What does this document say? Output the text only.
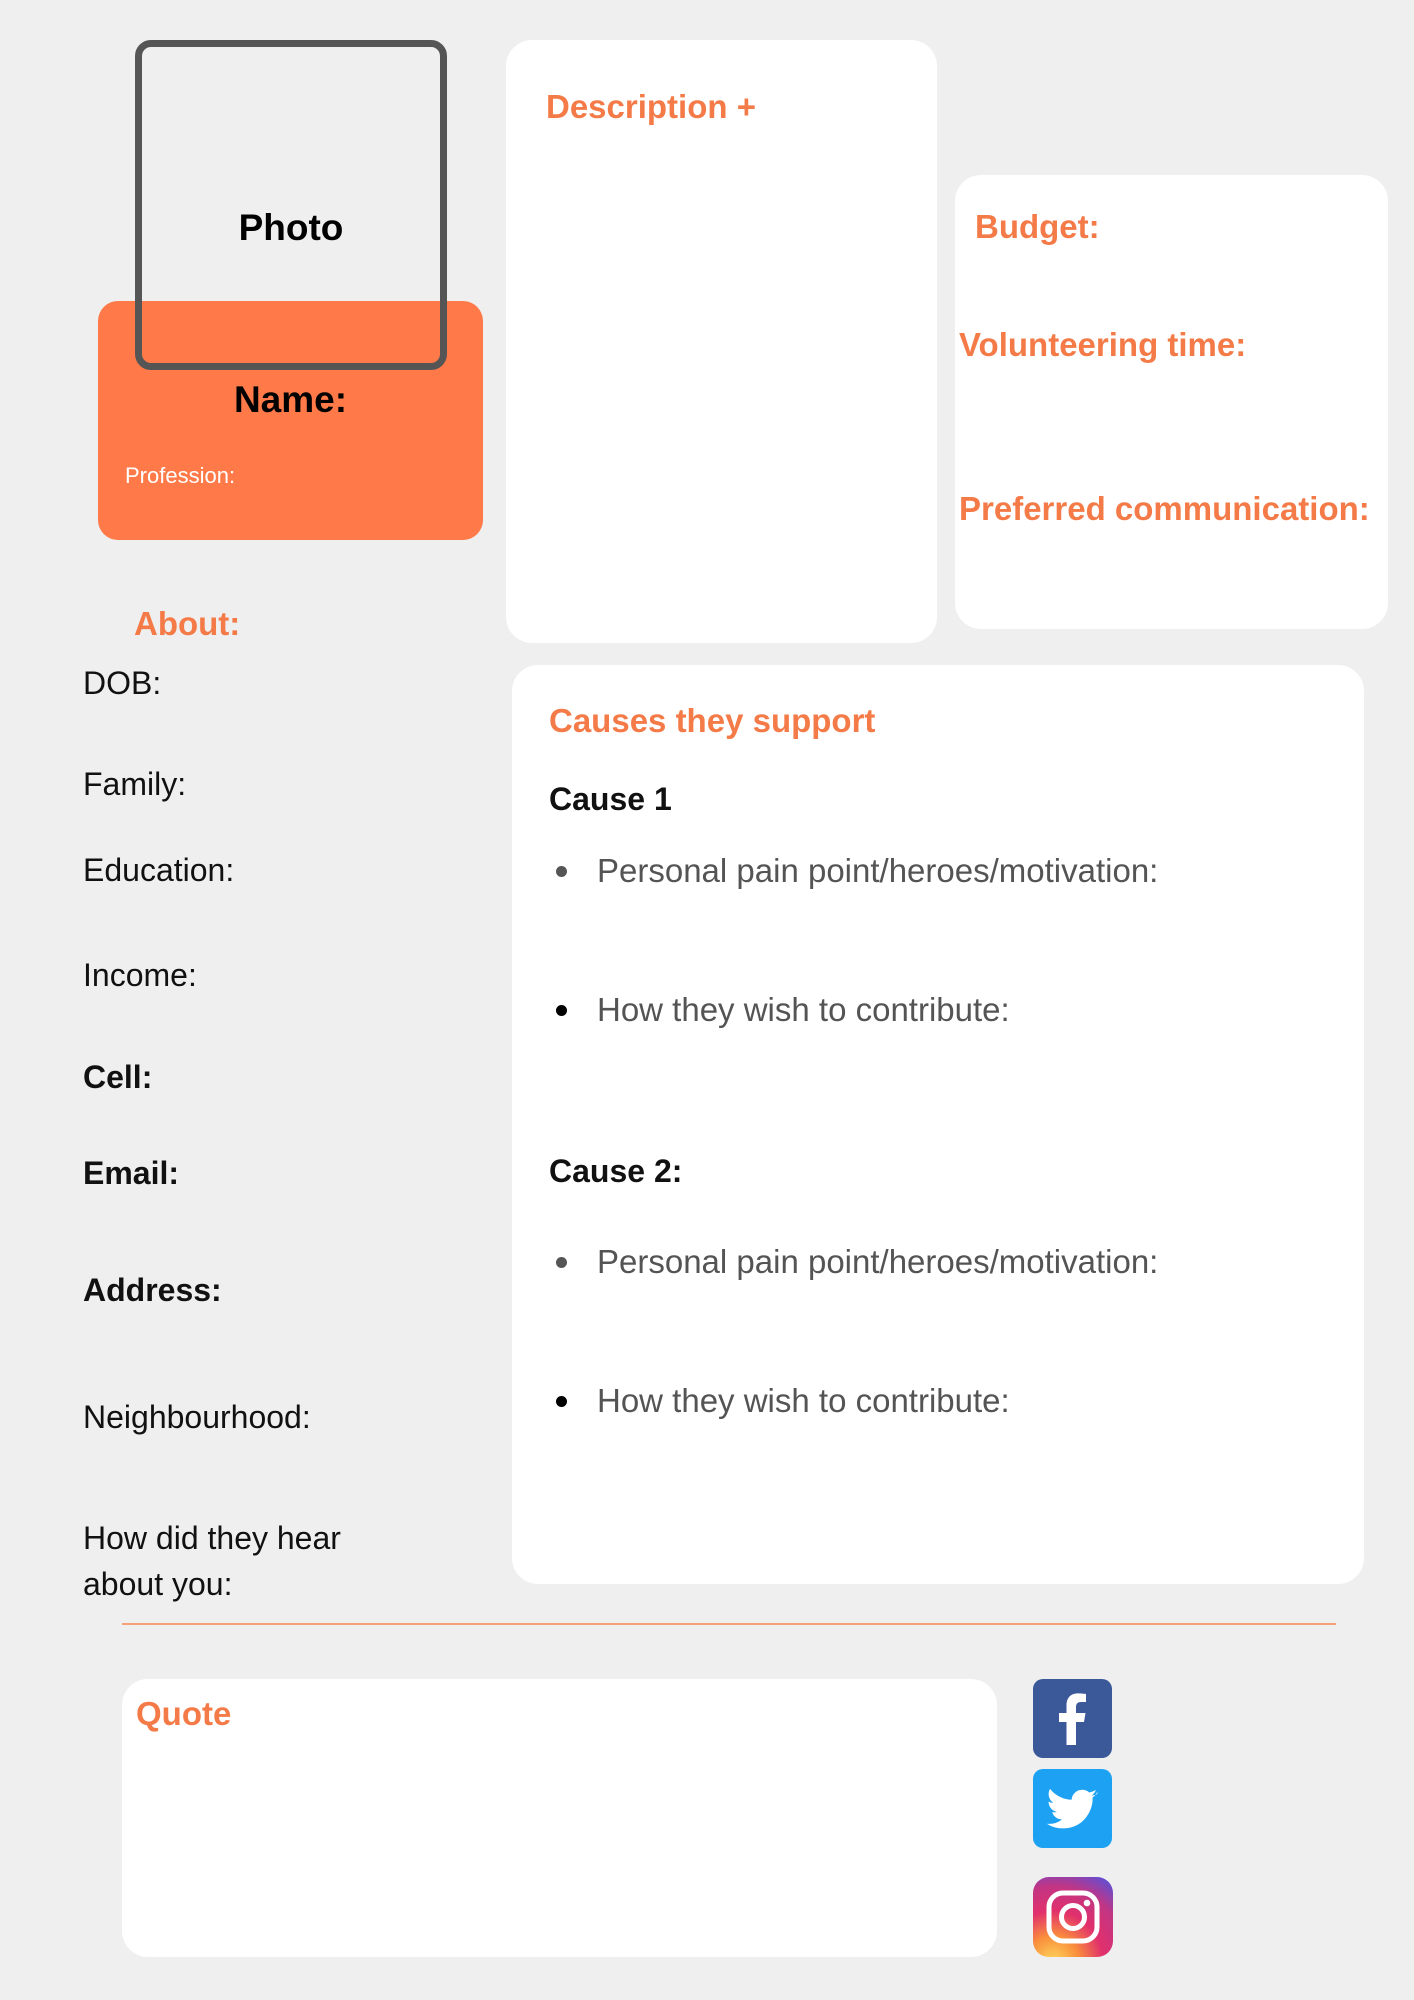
Name:
Profession:
Photo
Description +
Budget:
Volunteering time:
Preferred communication:
About:
DOB:
Family:
Education:
Income:
Cell:
Email:
Address:
Neighbourhood:
How did they hear
about you:
Causes they support
Cause 1
Personal pain point/heroes/motivation:
How they wish to contribute:
Cause 2:
Personal pain point/heroes/motivation:
How they wish to contribute:
Quote
